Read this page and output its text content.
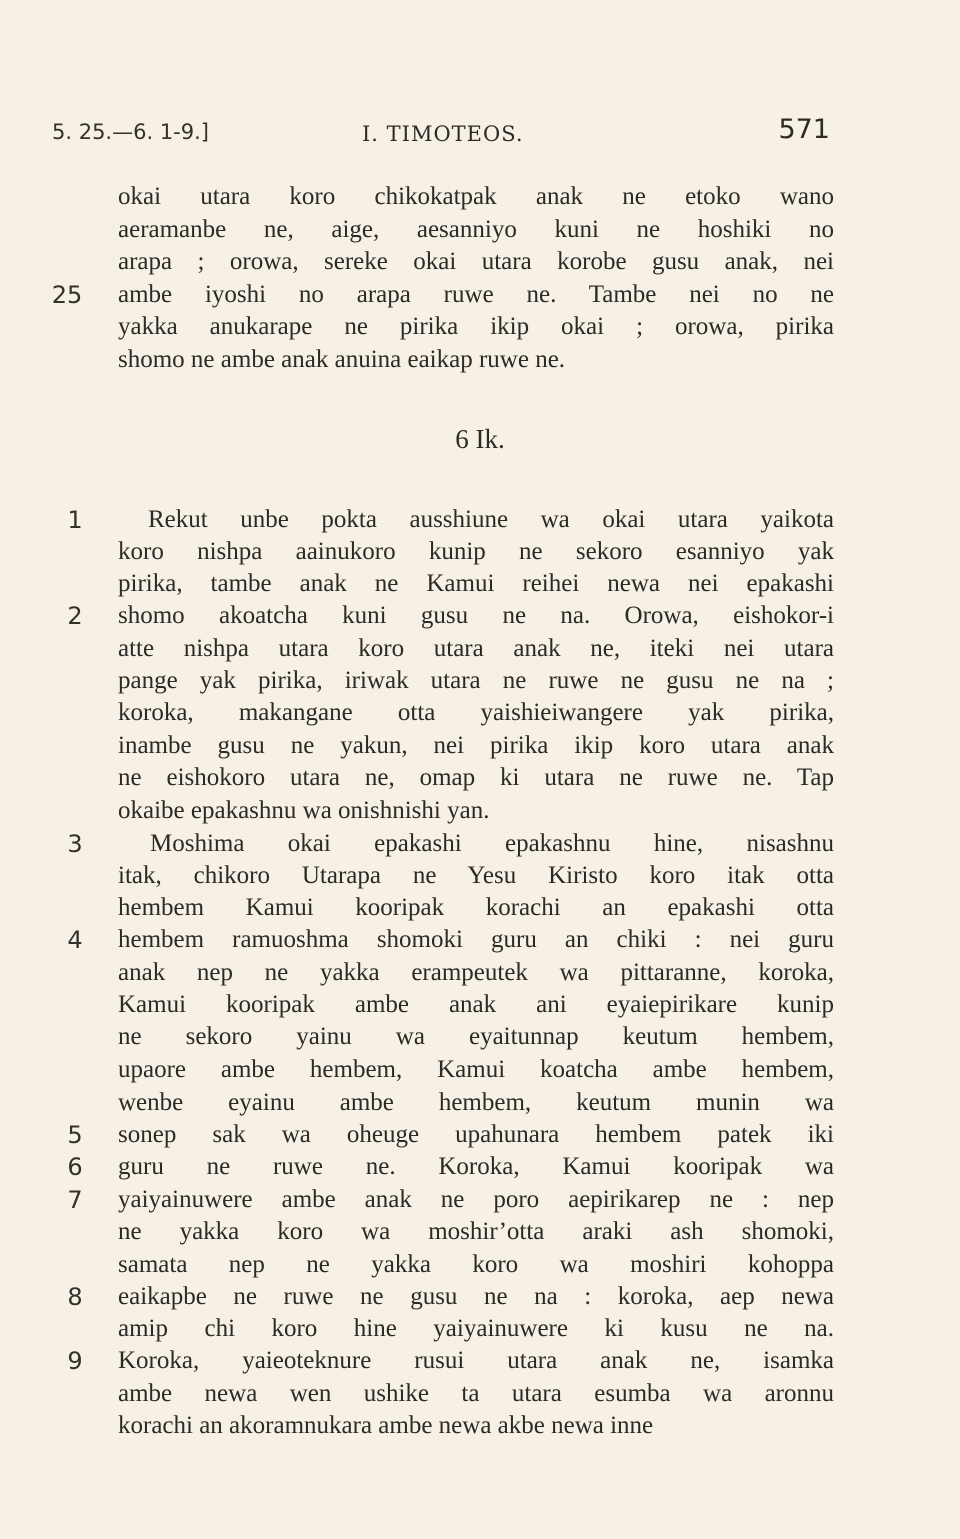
5. 25.—6. 1-9.]	I. TIMOTEOS.	571
okai utara koro chikokatpak anak ne etoko wano
aeramanbe ne, aige, aesanniyo kuni ne hoshiki no
arapa ; orowa, sereke okai utara korobe gusu anak, nei
ambe iyoshi no arapa ruwe ne. Tambe nei no ne
yakka anukarape ne pirika ikip okai ; orowa, pirika
shomo ne ambe anak anuina eaikap ruwe ne.
6 Ik.
Rekut unbe pokta ausshiune wa okai utara yaikota
koro nishpa aainukoro kunip ne sekoro esanniyo yak
pirika, tambe anak ne Kamui reihei newa nei epakashi
shomo akoatcha kuni gusu ne na. Orowa, eishokor-i
atte nishpa utara koro utara anak ne, iteki nei utara
pange yak pirika, iriwak utara ne ruwe ne gusu ne na ;
koroka, makangane otta yaishieiwangere yak pirika,
inambe gusu ne yakun, nei pirika ikip koro utara anak
ne eishokoro utara ne, omap ki utara ne ruwe ne. Tap
okaibe epakashnu wa onishnishi yan.
Moshima okai epakashi epakashnu hine, nisashnu
itak, chikoro Utarapa ne Yesu Kiristo koro itak otta
hembem Kamui kooripak korachi an epakashi otta
hembem ramuoshma shomoki guru an chiki : nei guru
anak nep ne yakka erampeutek wa pittaranne, koroka,
Kamui kooripak ambe anak ani eyaiepirikare kunip
ne sekoro yainu wa eyaitunnap keutum hembem,
upaore ambe hembem, Kamui koatcha ambe hembem,
wenbe eyainu ambe hembem, keutum munin wa
sonep sak wa oheuge upahunara hembem patek iki
guru ne ruwe ne. Koroka, Kamui kooripak wa
yaiyainuwere ambe anak ne poro aepirikarep ne : nep
ne yakka koro wa moshir’otta araki ash shomoki,
samata nep ne yakka koro wa moshiri kohoppa
eaikapbe ne ruwe ne gusu ne na : koroka, aep newa
amip chi koro hine yaiyainuwere ki kusu ne na.
Koroka, yaieoteknure rusui utara anak ne, isamka
ambe newa wen ushike ta utara esumba wa aronnu
korachi an akoramnukara ambe newa akbe newa inne
25
1
2
3
4
5
6
7
8
9
